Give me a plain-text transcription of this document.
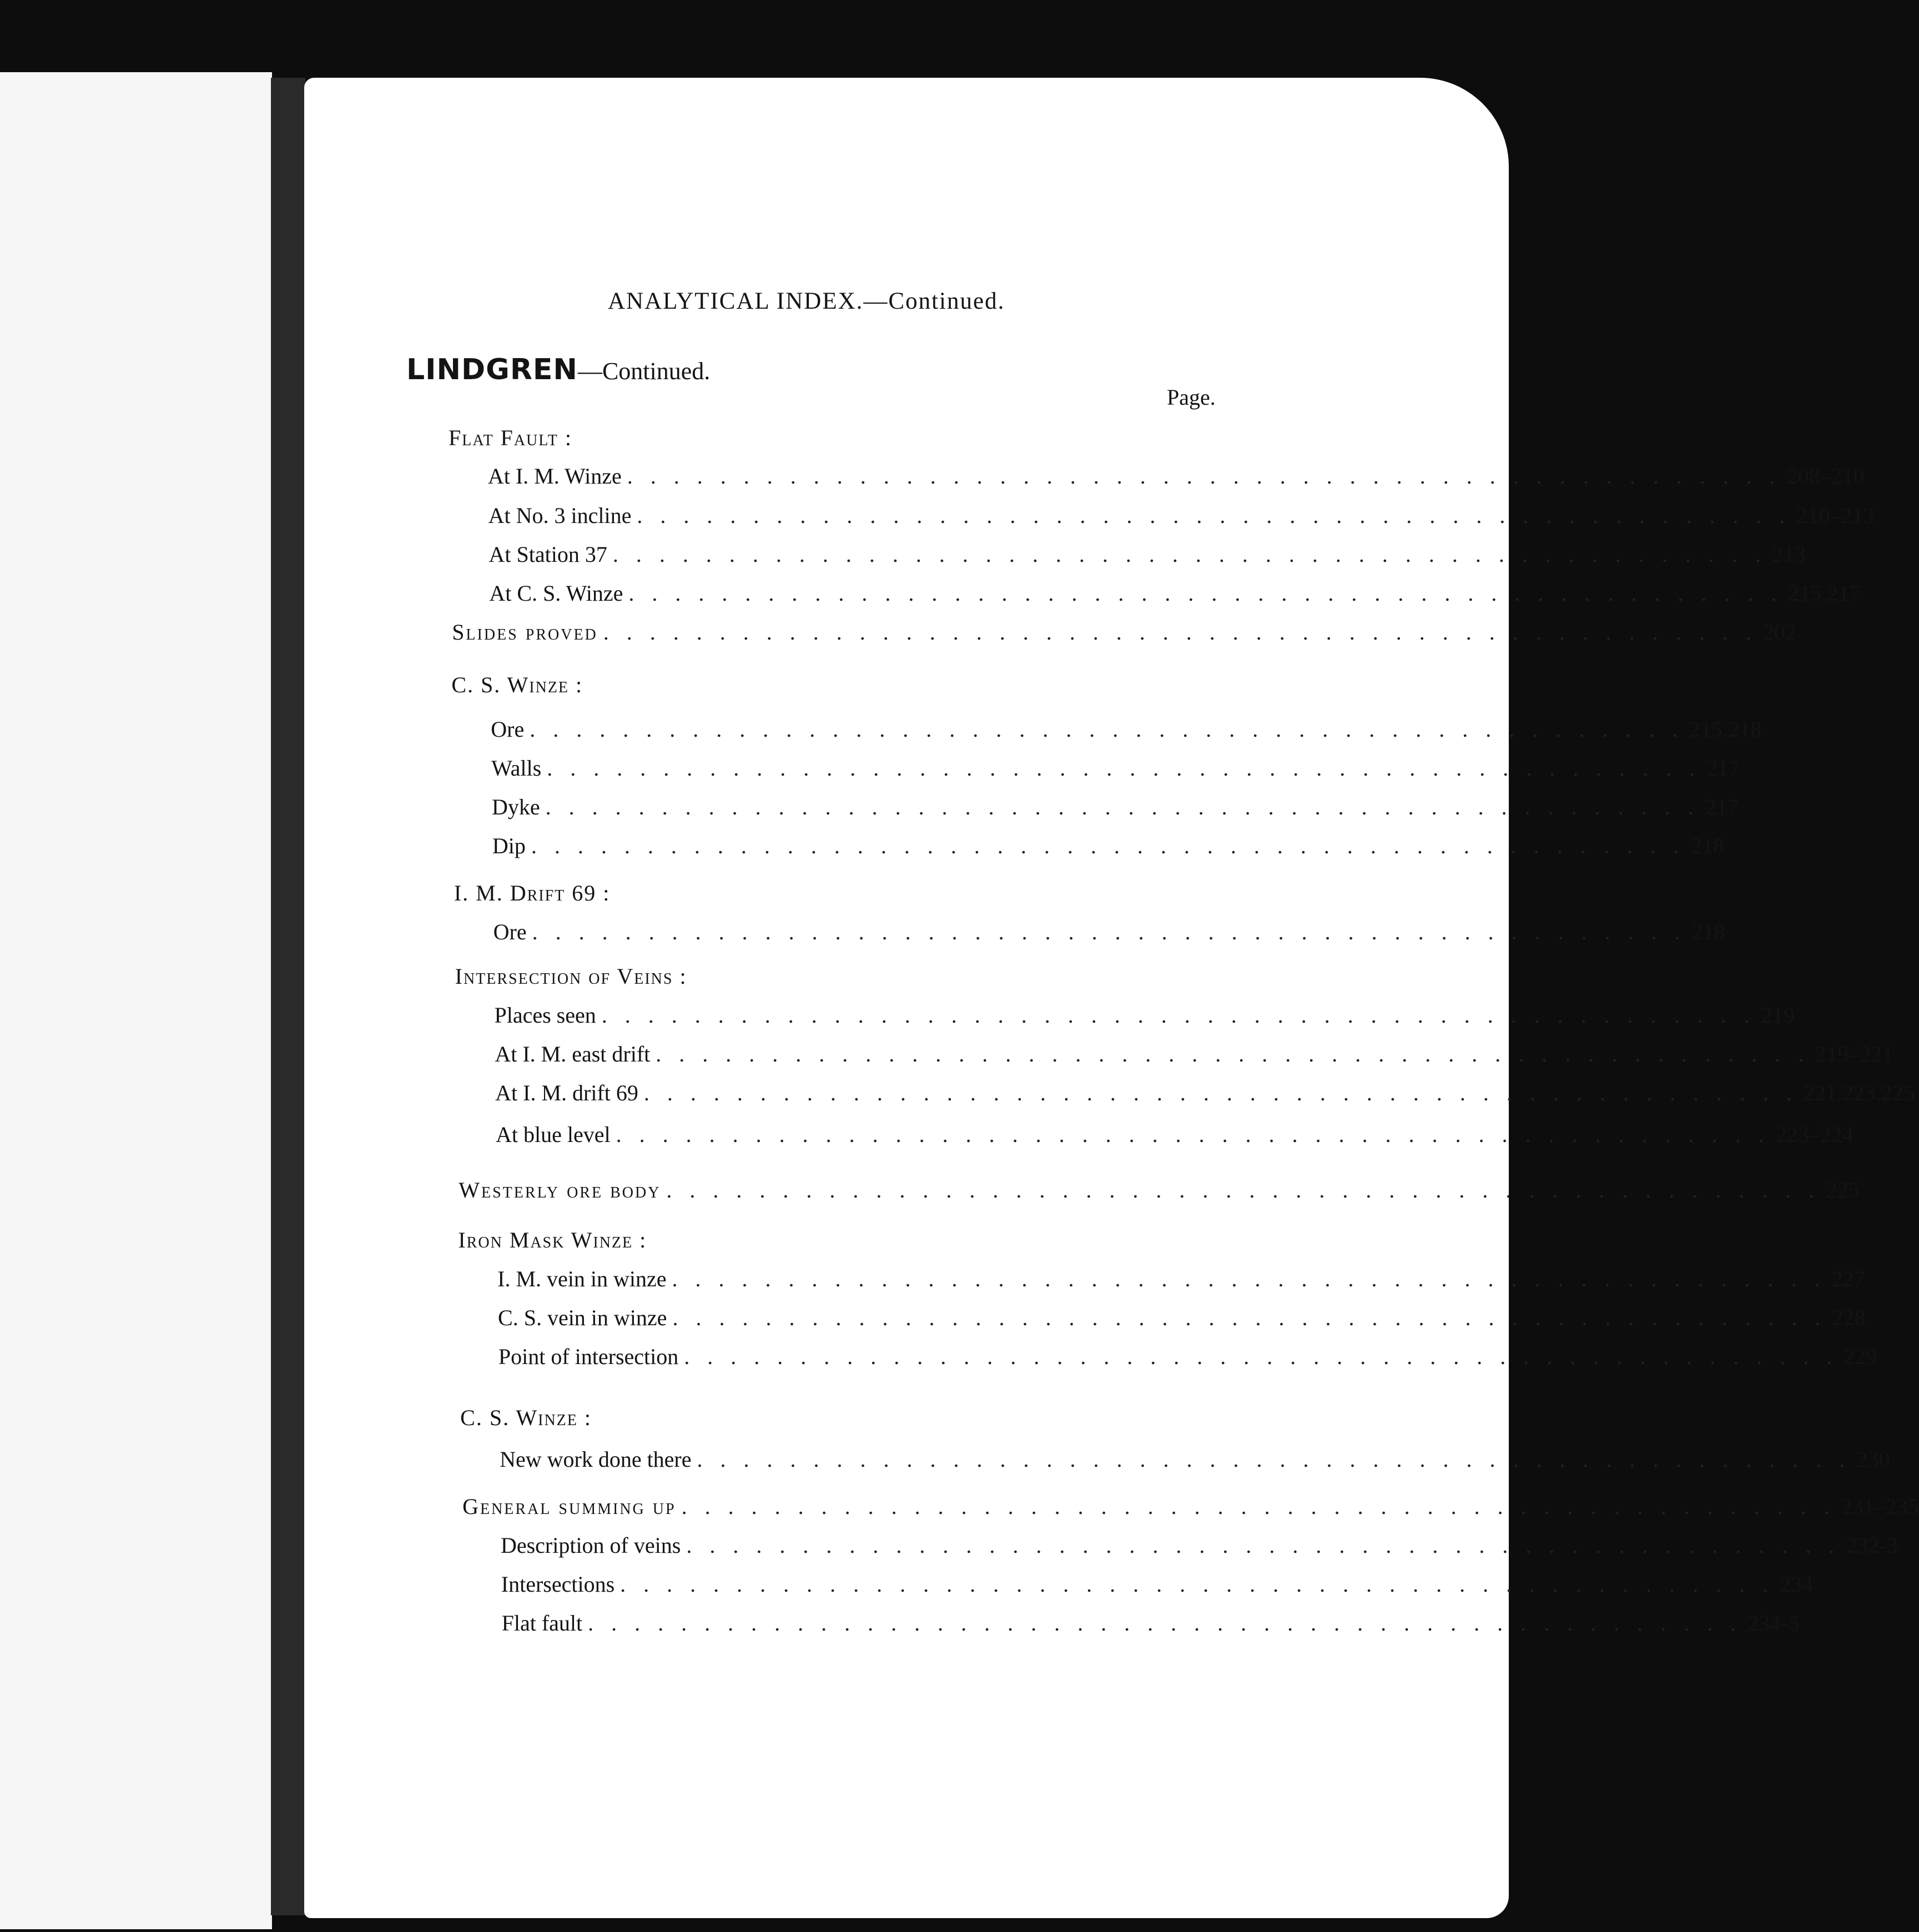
ANALYTICAL INDEX.—Continued.
LINDGREN—Continued.
Page.
Flat Fault :
At I. M. Winze . . . . . . . . . . . . . . . . . . . . . . . . . . . . . . . . . . . . . . . . . . . . . . . . . . 208–210
At No. 3 incline . . . . . . . . . . . . . . . . . . . . . . . . . . . . . . . . . . . . . . . . . . . . . . . . . . 210–213
At Station 37 . . . . . . . . . . . . . . . . . . . . . . . . . . . . . . . . . . . . . . . . . . . . . . . . . . 213
At C. S. Winze . . . . . . . . . . . . . . . . . . . . . . . . . . . . . . . . . . . . . . . . . . . . . . . . . . 215.217
Slides proved . . . . . . . . . . . . . . . . . . . . . . . . . . . . . . . . . . . . . . . . . . . . . . . . . . 202
C. S. Winze :
Ore . . . . . . . . . . . . . . . . . . . . . . . . . . . . . . . . . . . . . . . . . . . . . . . . . . 215.218
Walls . . . . . . . . . . . . . . . . . . . . . . . . . . . . . . . . . . . . . . . . . . . . . . . . . . 217
Dyke . . . . . . . . . . . . . . . . . . . . . . . . . . . . . . . . . . . . . . . . . . . . . . . . . . 217
Dip . . . . . . . . . . . . . . . . . . . . . . . . . . . . . . . . . . . . . . . . . . . . . . . . . . 218
I. M. Drift 69 :
Ore . . . . . . . . . . . . . . . . . . . . . . . . . . . . . . . . . . . . . . . . . . . . . . . . . . 218
Intersection of Veins :
Places seen . . . . . . . . . . . . . . . . . . . . . . . . . . . . . . . . . . . . . . . . . . . . . . . . . . 219
At I. M. east drift . . . . . . . . . . . . . . . . . . . . . . . . . . . . . . . . . . . . . . . . . . . . . . . . . . 219–221
At I. M. drift 69 . . . . . . . . . . . . . . . . . . . . . . . . . . . . . . . . . . . . . . . . . . . . . . . . . . 221.223.225
At blue level . . . . . . . . . . . . . . . . . . . . . . . . . . . . . . . . . . . . . . . . . . . . . . . . . . 223–224
Westerly ore body . . . . . . . . . . . . . . . . . . . . . . . . . . . . . . . . . . . . . . . . . . . . . . . . . . 225
Iron Mask Winze :
I. M. vein in winze . . . . . . . . . . . . . . . . . . . . . . . . . . . . . . . . . . . . . . . . . . . . . . . . . . 227
C. S. vein in winze . . . . . . . . . . . . . . . . . . . . . . . . . . . . . . . . . . . . . . . . . . . . . . . . . . 228
Point of intersection . . . . . . . . . . . . . . . . . . . . . . . . . . . . . . . . . . . . . . . . . . . . . . . . . . 229
C. S. Winze :
New work done there . . . . . . . . . . . . . . . . . . . . . . . . . . . . . . . . . . . . . . . . . . . . . . . . . . 230
General summing up . . . . . . . . . . . . . . . . . . . . . . . . . . . . . . . . . . . . . . . . . . . . . . . . . . 231–235
Description of veins . . . . . . . . . . . . . . . . . . . . . . . . . . . . . . . . . . . . . . . . . . . . . . . . . . 232-3
Intersections . . . . . . . . . . . . . . . . . . . . . . . . . . . . . . . . . . . . . . . . . . . . . . . . . . 234
Flat fault . . . . . . . . . . . . . . . . . . . . . . . . . . . . . . . . . . . . . . . . . . . . . . . . . . 234-5
